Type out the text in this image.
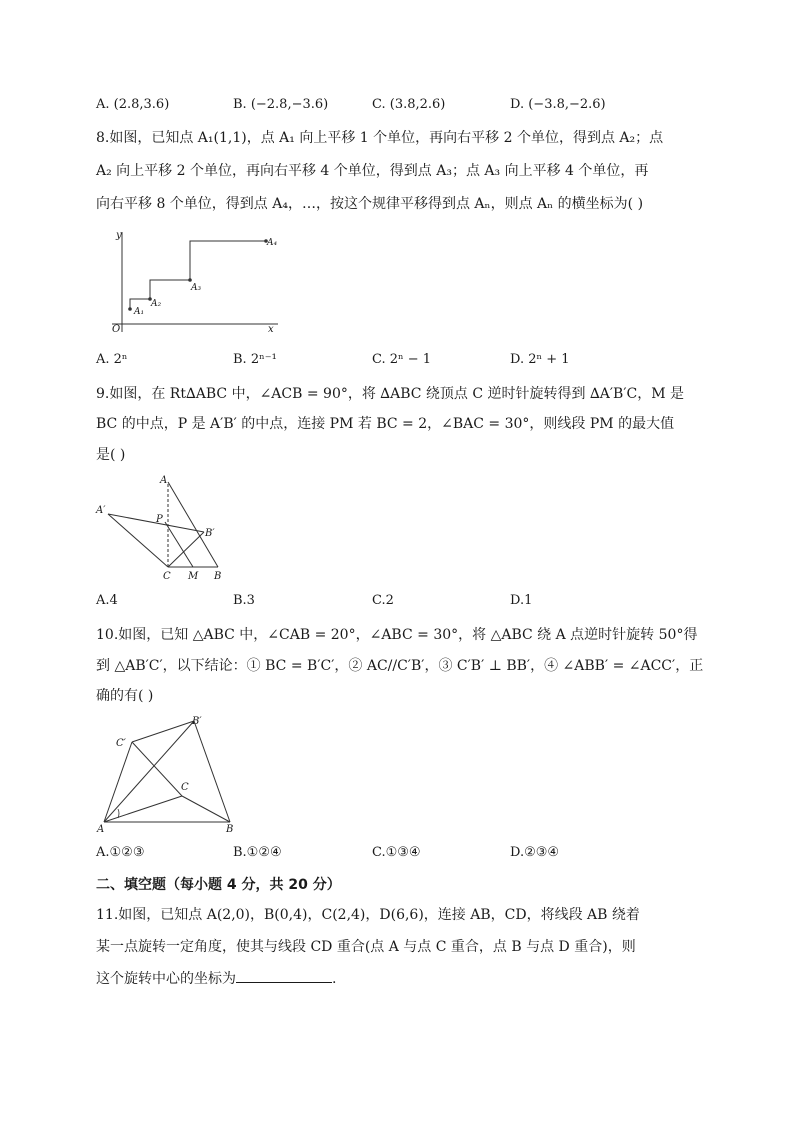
A. (2.8,3.6)	B. (−2.8,−3.6)	C. (3.8,2.6)	D. (−3.8,−2.6)
8.如图，已知点 A₁(1,1)，点 A₁ 向上平移 1 个单位，再向右平移 2 个单位，得到点 A₂；点
A₂ 向上平移 2 个单位，再向右平移 4 个单位，得到点 A₃；点 A₃ 向上平移 4 个单位，再
向右平移 8 个单位，得到点 A₄，…，按这个规律平移得到点 Aₙ，则点 Aₙ 的横坐标为( )
y
x
O
A₁
A₂
A₃
A₄
A. 2ⁿ	B. 2ⁿ⁻¹	C. 2ⁿ − 1	D. 2ⁿ + 1
9.如图，在 Rt∆ABC 中，∠ACB = 90°，将 ∆ABC 绕顶点 C 逆时针旋转得到 ∆A′B′C，M 是
BC 的中点，P 是 A′B′ 的中点，连接 PM 若 BC = 2，∠BAC = 30°，则线段 PM 的最大值
是( )
A
A′
P
B′
C M B
A.4	B.3	C.2	D.1
10.如图，已知 △ABC 中，∠CAB = 20°，∠ABC = 30°，将 △ABC 绕 A 点逆时针旋转 50°得
到 △AB′C′，以下结论：① BC = B′C′，② AC//C′B′，③ C′B′ ⊥ BB′，④ ∠ABB′ = ∠ACC′，正
确的有( )
B′
C′
C
A	B
A.①②③	B.①②④	C.①③④	D.②③④
二、填空题（每小题 4 分，共 20 分）
11.如图，已知点 A(2,0)，B(0,4)，C(2,4)，D(6,6)，连接 AB，CD，将线段 AB 绕着
某一点旋转一定角度，使其与线段 CD 重合(点 A 与点 C 重合，点 B 与点 D 重合)，则
这个旋转中心的坐标为	.
